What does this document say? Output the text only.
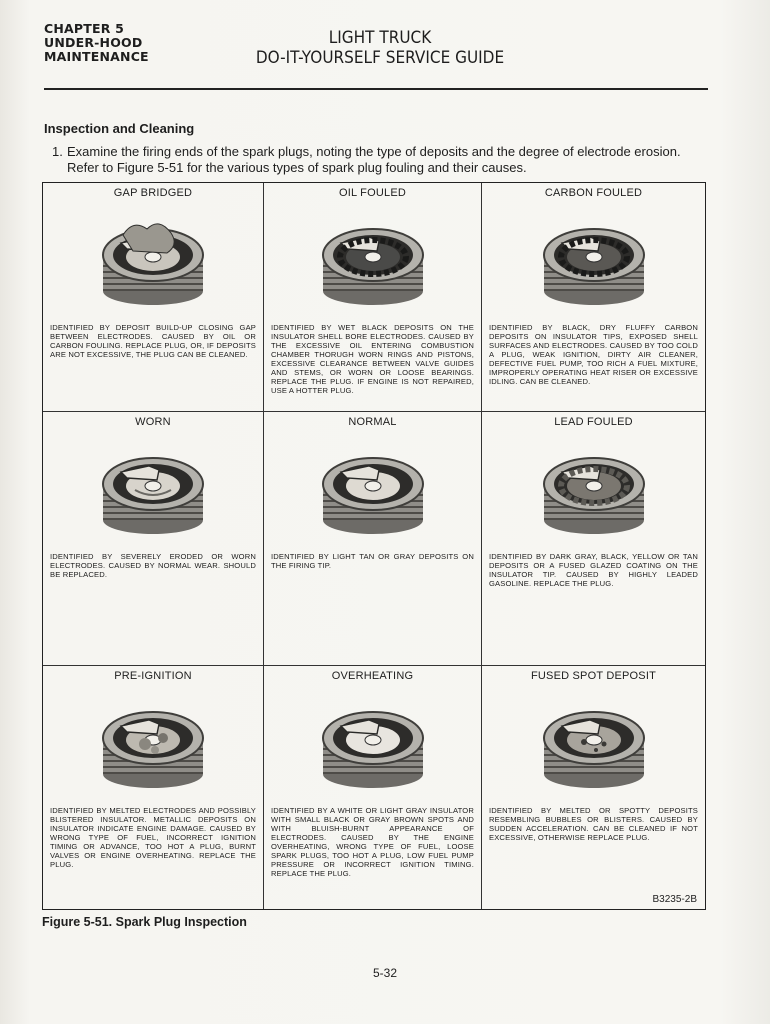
CHAPTER 5
UNDER-HOOD
MAINTENANCE
LIGHT TRUCK
DO-IT-YOURSELF SERVICE GUIDE
Inspection and Cleaning
1. Examine the firing ends of the spark plugs, noting the type of deposits and the degree of electrode erosion. Refer to Figure 5-51 for the various types of spark plug fouling and their causes.
GAP BRIDGED
IDENTIFIED BY DEPOSIT BUILD-UP CLOSING GAP BETWEEN ELECTRODES. CAUSED BY OIL OR CARBON FOULING. REPLACE PLUG, OR, IF DEPOSITS ARE NOT EXCESSIVE, THE PLUG CAN BE CLEANED.
OIL FOULED
IDENTIFIED BY WET BLACK DEPOSITS ON THE INSULATOR SHELL BORE ELECTRODES. CAUSED BY THE EXCESSIVE OIL ENTERING COMBUSTION CHAMBER THORUGH WORN RINGS AND PISTONS, EXCESSIVE CLEARANCE BETWEEN VALVE GUIDES AND STEMS, OR WORN OR LOOSE BEARINGS. REPLACE THE PLUG. IF ENGINE IS NOT REPAIRED, USE A HOTTER PLUG.
CARBON FOULED
IDENTIFIED BY BLACK, DRY FLUFFY CARBON DEPOSITS ON INSULATOR TIPS, EXPOSED SHELL SURFACES AND ELECTRODES. CAUSED BY TOO COLD A PLUG, WEAK IGNITION, DIRTY AIR CLEANER, DEFECTIVE FUEL PUMP, TOO RICH A FUEL MIXTURE, IMPROPERLY OPERATING HEAT RISER OR EXCESSIVE IDLING. CAN BE CLEANED.
WORN
IDENTIFIED BY SEVERELY ERODED OR WORN ELECTRODES. CAUSED BY NORMAL WEAR. SHOULD BE REPLACED.
NORMAL
IDENTIFIED BY LIGHT TAN OR GRAY DEPOSITS ON THE FIRING TIP.
LEAD FOULED
IDENTIFIED BY DARK GRAY, BLACK, YELLOW OR TAN DEPOSITS OR A FUSED GLAZED COATING ON THE INSULATOR TIP. CAUSED BY HIGHLY LEADED GASOLINE. REPLACE THE PLUG.
PRE-IGNITION
IDENTIFIED BY MELTED ELECTRODES AND POSSIBLY BLISTERED INSULATOR. METALLIC DEPOSITS ON INSULATOR INDICATE ENGINE DAMAGE. CAUSED BY WRONG TYPE OF FUEL, INCORRECT IGNITION TIMING OR ADVANCE, TOO HOT A PLUG, BURNT VALVES OR ENGINE OVERHEATING. REPLACE THE PLUG.
OVERHEATING
IDENTIFIED BY A WHITE OR LIGHT GRAY INSULATOR WITH SMALL BLACK OR GRAY BROWN SPOTS AND WITH BLUISH-BURNT APPEARANCE OF ELECTRODES. CAUSED BY THE ENGINE OVERHEATING, WRONG TYPE OF FUEL, LOOSE SPARK PLUGS, TOO HOT A PLUG, LOW FUEL PUMP PRESSURE OR INCORRECT IGNITION TIMING. REPLACE THE PLUG.
FUSED SPOT DEPOSIT
IDENTIFIED BY MELTED OR SPOTTY DEPOSITS RESEMBLING BUBBLES OR BLISTERS. CAUSED BY SUDDEN ACCELERATION. CAN BE CLEANED IF NOT EXCESSIVE, OTHERWISE REPLACE PLUG.
B3235-2B
Figure 5-51. Spark Plug Inspection
5-32
